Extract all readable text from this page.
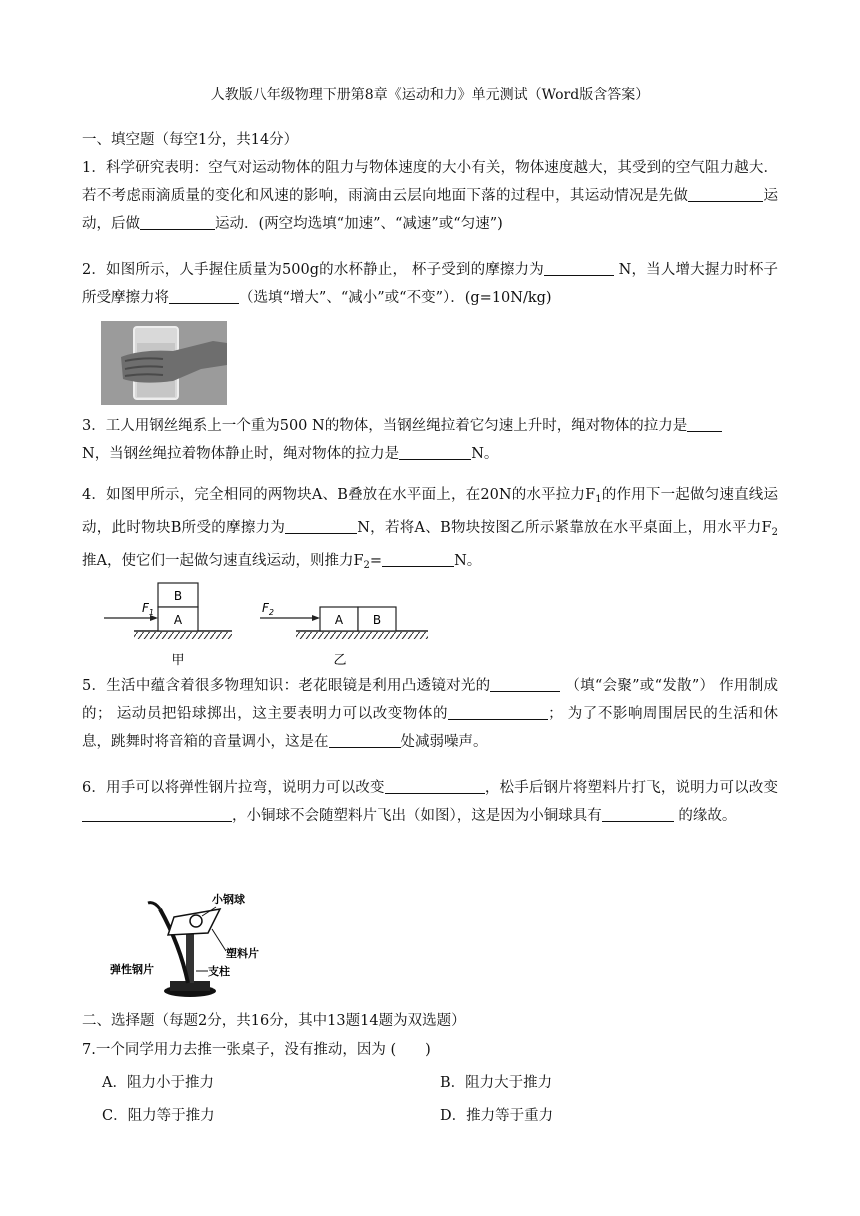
人教版八年级物理下册第8章《运动和力》单元测试（Word版含答案）
一、填空题（每空1分，共14分）
1．科学研究表明：空气对运动物体的阻力与物体速度的大小有关，物体速度越大，其受到的空气阻力越大．若不考虑雨滴质量的变化和风速的影响，雨滴由云层向地面下落的过程中，其运动情况是先做	运动，后做	运动．(两空均选填“加速”、“减速”或“匀速”)
2．如图所示，人手握住质量为500g的水杯静止， 杯子受到的摩擦力为	N，当人增大握力时杯子所受摩擦力将	（选填“增大”、“减小”或“不变”）．(g=10N/kg)
3．工人用钢丝绳系上一个重为500 N的物体，当钢丝绳拉着它匀速上升时，绳对物体的拉力是
N，当钢丝绳拉着物体静止时，绳对物体的拉力是	N。
4．如图甲所示，完全相同的两物块A、B叠放在水平面上，在20N的水平拉力$F_1$的作用下一起做匀速直线运动，此时物块B所受的摩擦力为	N，若将A、B物块按图乙所示紧靠放在水平桌面上，用水平力$F_2$推A，使它们一起做匀速直线运动，则推力$F_2=$	N。
B
A
$F_1$
甲
A B
$F_2$
乙
5．生活中蕴含着很多物理知识：老花眼镜是利用凸透镜对光的	（填“会聚”或“发散”） 作用制成的； 运动员把铅球掷出，这主要表明力可以改变物体的	； 为了不影响周围居民的生活和休息，跳舞时将音箱的音量调小，这是在	处减弱噪声。
6．用手可以将弹性钢片拉弯，说明力可以改变	，松手后钢片将塑料片打飞，说明力可以改变，小铜球不会随塑料片飞出（如图），这是因为小铜球具有	的缘故。
小钢球
塑料片
弹性钢片	支柱
二、选择题（每题2分，共16分，其中13题14题为双选题）
7.一个同学用力去推一张桌子，没有推动，因为 (　　)
A．阻力小于推力	B．阻力大于推力
C．阻力等于推力	D．推力等于重力
